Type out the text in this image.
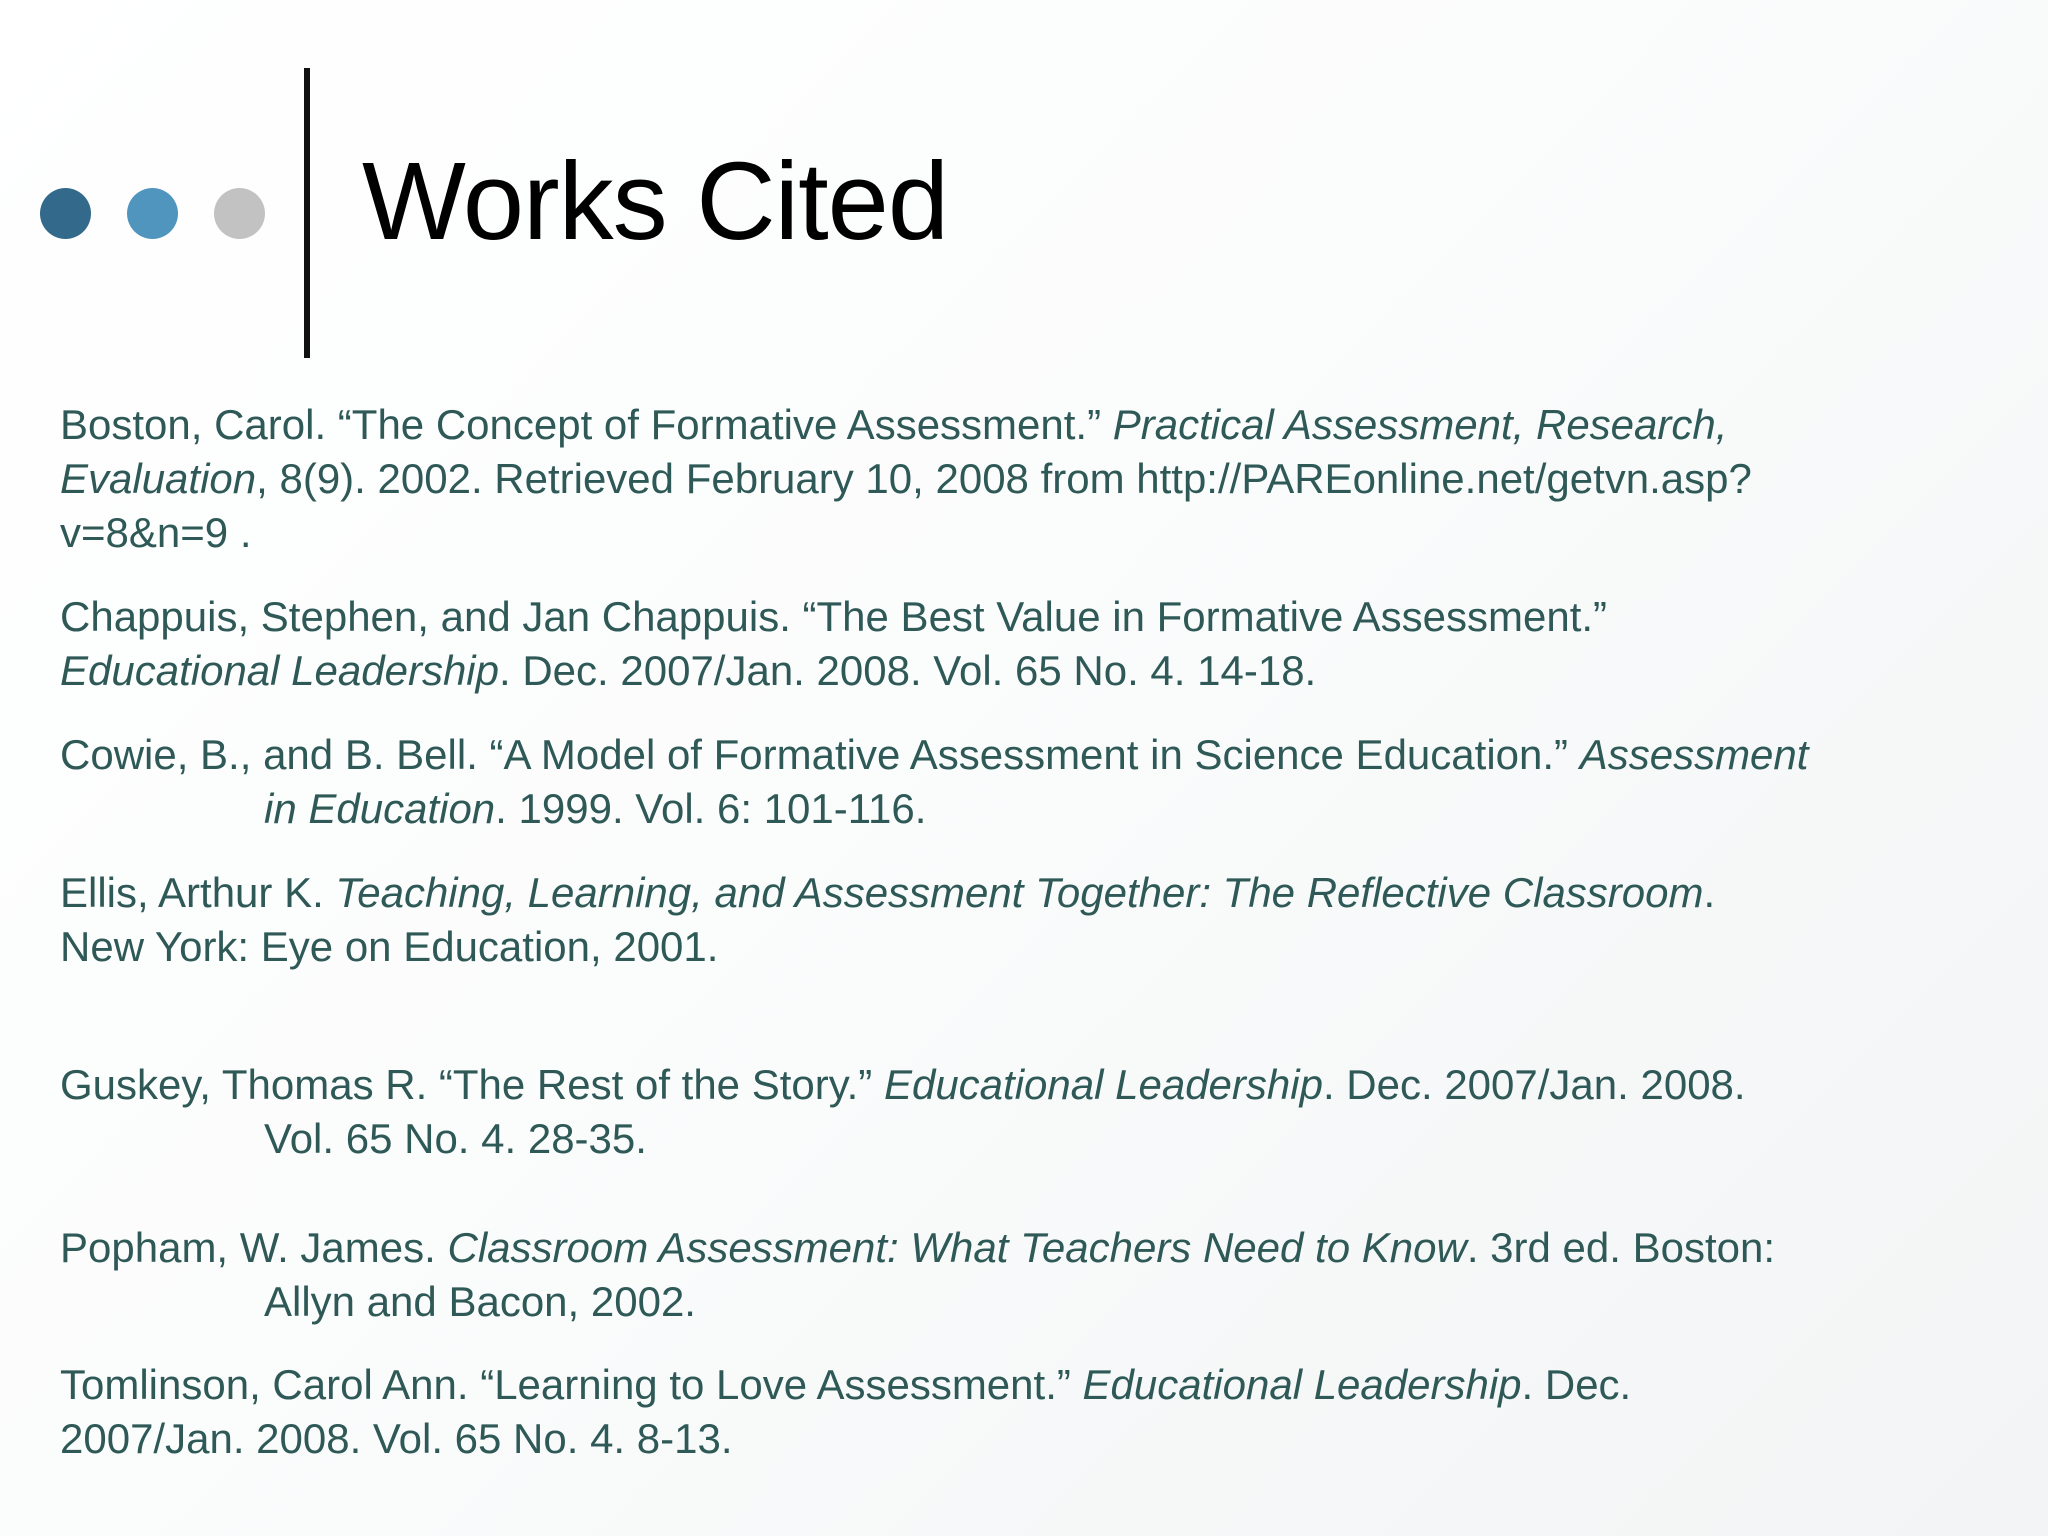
Works Cited

Boston, Carol. “The Concept of Formative Assessment.” Practical Assessment, Research,
Evaluation, 8(9). 2002. Retrieved February 10, 2008 from http://PAREonline.net/getvn.asp?
v=8&n=9 .

Chappuis, Stephen, and Jan Chappuis. “The Best Value in Formative Assessment.”
Educational Leadership. Dec. 2007/Jan. 2008. Vol. 65 No. 4. 14-18.

Cowie, B., and B. Bell. “A Model of Formative Assessment in Science Education.” Assessment
in Education. 1999. Vol. 6: 101-116.

Ellis, Arthur K. Teaching, Learning, and Assessment Together: The Reflective Classroom.
New York: Eye on Education, 2001.

Guskey, Thomas R. “The Rest of the Story.” Educational Leadership. Dec. 2007/Jan. 2008.
Vol. 65 No. 4. 28-35.

Popham, W. James. Classroom Assessment: What Teachers Need to Know. 3rd ed. Boston:
Allyn and Bacon, 2002.

Tomlinson, Carol Ann. “Learning to Love Assessment.” Educational Leadership. Dec.
2007/Jan. 2008. Vol. 65 No. 4. 8-13.
